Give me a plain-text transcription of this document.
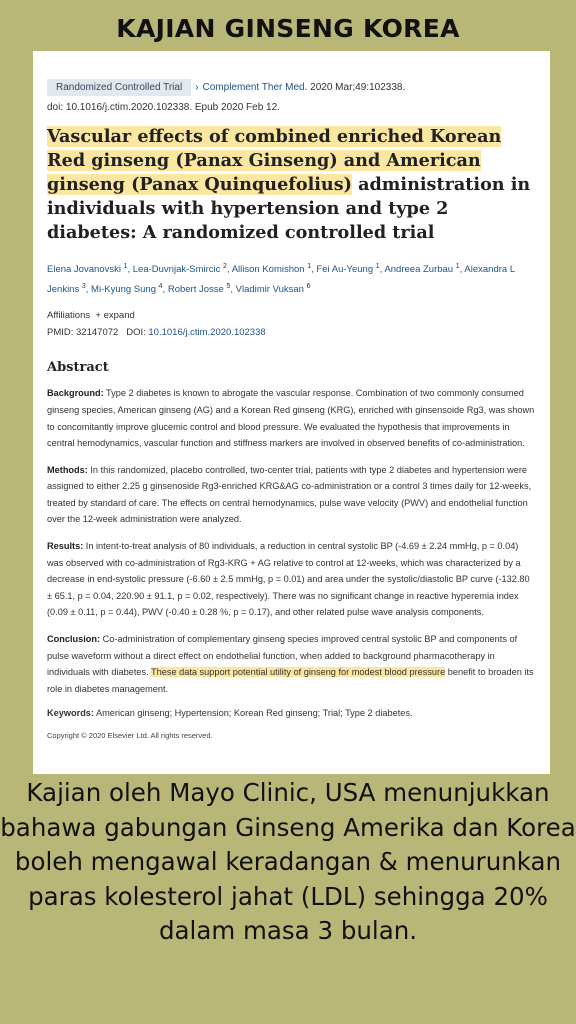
KAJIAN GINSENG KOREA
Randomized Controlled Trial	› Complement Ther Med.
2020 Mar;49:102338.
doi: 10.1016/j.ctim.2020.102338. Epub 2020 Feb 12.
Vascular effects of combined enriched Korean Red ginseng (Panax Ginseng) and American ginseng (Panax Quinquefolius) administration in individuals with hypertension and type 2 diabetes: A randomized controlled trial
Elena Jovanovski $^1$, Lea-Duvnjak-Smircic $^2$, Allison Komishon $^1$, Fei Au-Yeung $^1$, Andreea Zurbau $^1$, Alexandra L Jenkins $^3$, Mi-Kyung Sung $^4$, Robert Josse $^5$, Vladimir Vuksan $^6$
Affiliations + expand
PMID: 32147072 DOI: 10.1016/j.ctim.2020.102338
Abstract
Background: Type 2 diabetes is known to abrogate the vascular response. Combination of two commonly consumed ginseng species, American ginseng (AG) and a Korean Red ginseng (KRG), enriched with ginsensoide Rg3, was shown to concomitantly improve glucemic control and blood pressure. We evaluated the hypothesis that improvements in central hemodynamics, vascular function and stiffness markers are involved in observed benefits of co-administration.
Methods: In this randomized, placebo controlled, two-center trial, patients with type 2 diabetes and hypertension were assigned to either 2.25 g ginsenoside Rg3-enriched KRG&AG co-administration or a control 3 times daily for 12-weeks, treated by standard of care. The effects on central hemodynamics, pulse wave velocity (PWV) and endothelial function over the 12-week administration were analyzed.
Results: In intent-to-treat analysis of 80 individuals, a reduction in central systolic BP (-4.69 ± 2.24 mmHg, p = 0.04) was observed with co-administration of Rg3-KRG + AG relative to control at 12-weeks, which was characterized by a decrease in end-systolic pressure (-6.60 ± 2.5 mmHg, p = 0.01) and area under the systolic/diastolic BP curve (-132.80 ± 65.1, p = 0.04, 220.90 ± 91.1, p = 0.02, respectively). There was no significant change in reactive hyperemia index (0.09 ± 0.11, p = 0.44), PWV (-0.40 ± 0.28 %, p = 0.17), and other related pulse wave analysis components.
Conclusion: Co-administration of complementary ginseng species improved central systolic BP and components of pulse waveform without a direct effect on endothelial function, when added to background pharmacotherapy in individuals with diabetes. These data support potential utility of ginseng for modest blood pressure benefit to broaden its role in diabetes management.
Keywords: American ginseng; Hypertension; Korean Red ginseng; Trial; Type 2 diabetes.
Copyright © 2020 Elsevier Ltd. All rights reserved.
Kajian oleh Mayo Clinic, USA menunjukkan bahawa gabungan Ginseng Amerika dan Korea boleh mengawal keradangan & menurunkan paras kolesterol jahat (LDL) sehingga 20% dalam masa 3 bulan.
